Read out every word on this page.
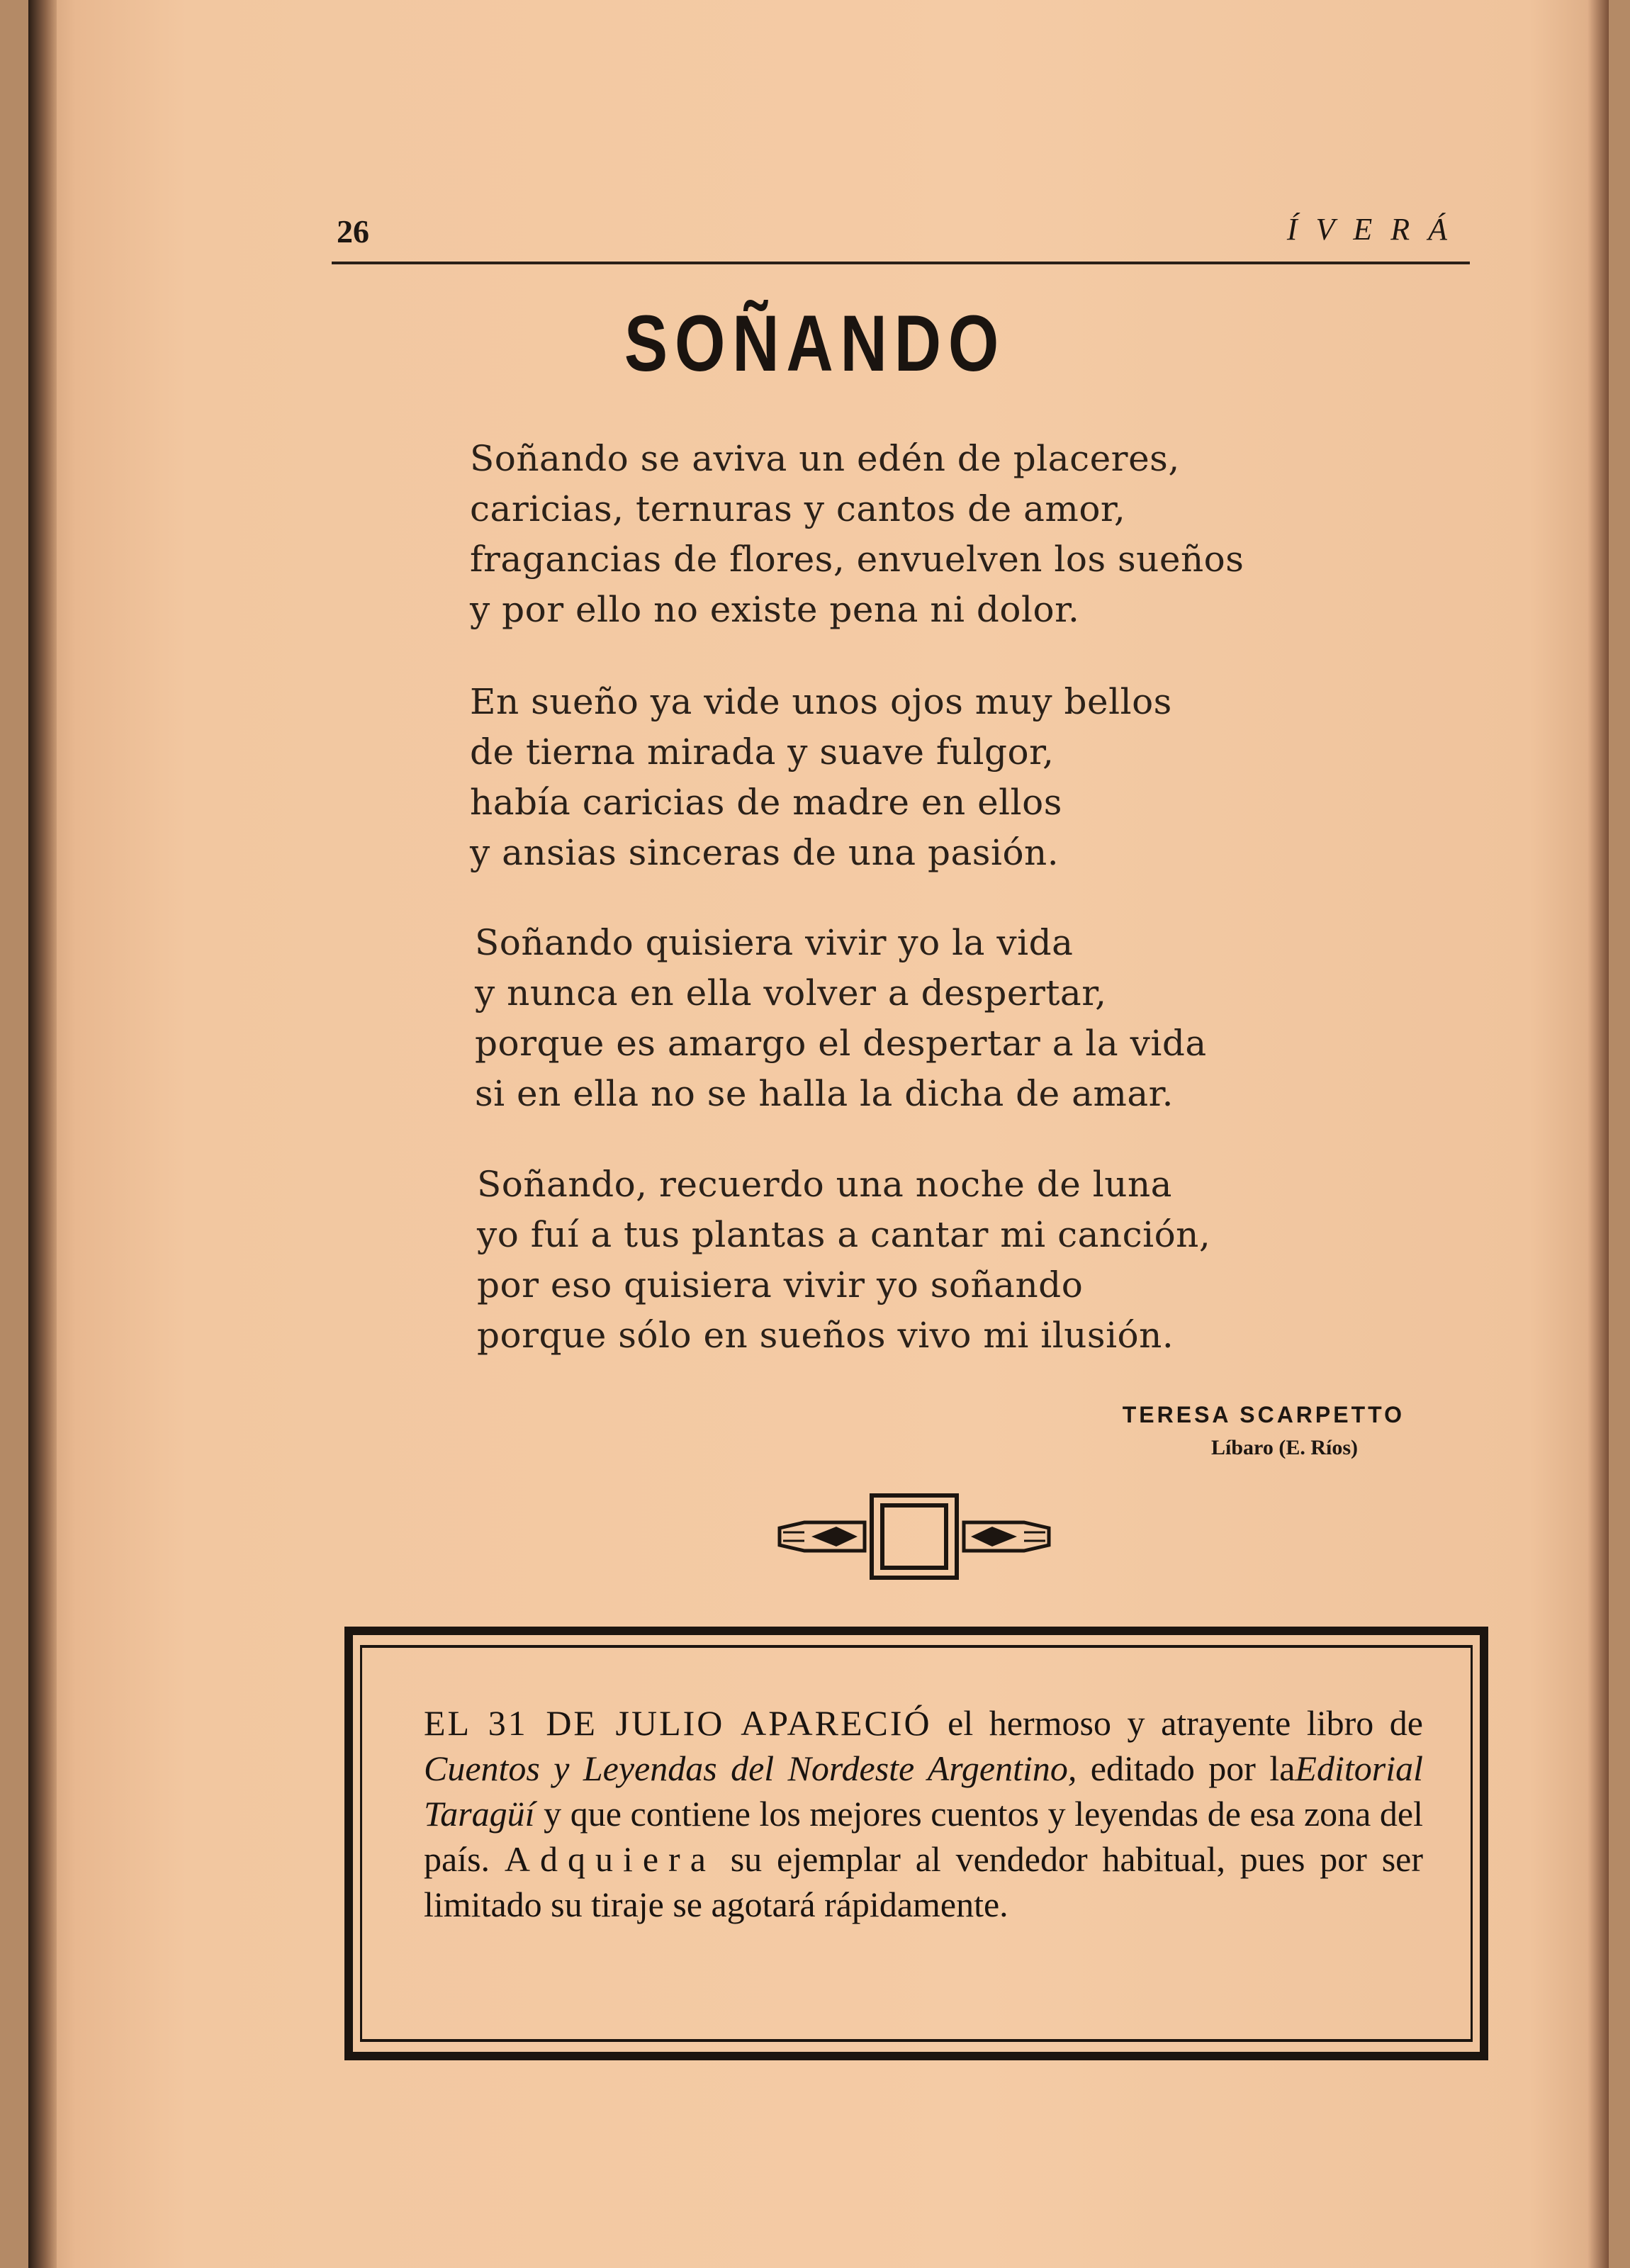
26	ÍVERÁ
SOÑANDO
Soñando se aviva un edén de placeres,
caricias, ternuras y cantos de amor,
fragancias de flores, envuelven los sueños
y por ello no existe pena ni dolor.
En sueño ya vide unos ojos muy bellos
de tierna mirada y suave fulgor,
había caricias de madre en ellos
y ansias sinceras de una pasión.
Soñando quisiera vivir yo la vida
y nunca en ella volver a despertar,
porque es amargo el despertar a la vida
si en ella no se halla la dicha de amar.
Soñando, recuerdo una noche de luna
yo fuí a tus plantas a cantar mi canción,
por eso quisiera vivir yo soñando
porque sólo en sueños vivo mi ilusión.
TERESA SCARPETTO
Líbaro (E. Ríos)
EL 31 DE JULIO APARECIÓ el hermoso y atrayente libro de Cuentos y Leyendas del Nordeste Argentino, editado por laEditorial Taragüí y que contiene los mejores cuentos y leyendas de esa zona del país. Adquiera su ejemplar al vendedor habitual, pues por ser limitado su tiraje se agotará rápidamente.
